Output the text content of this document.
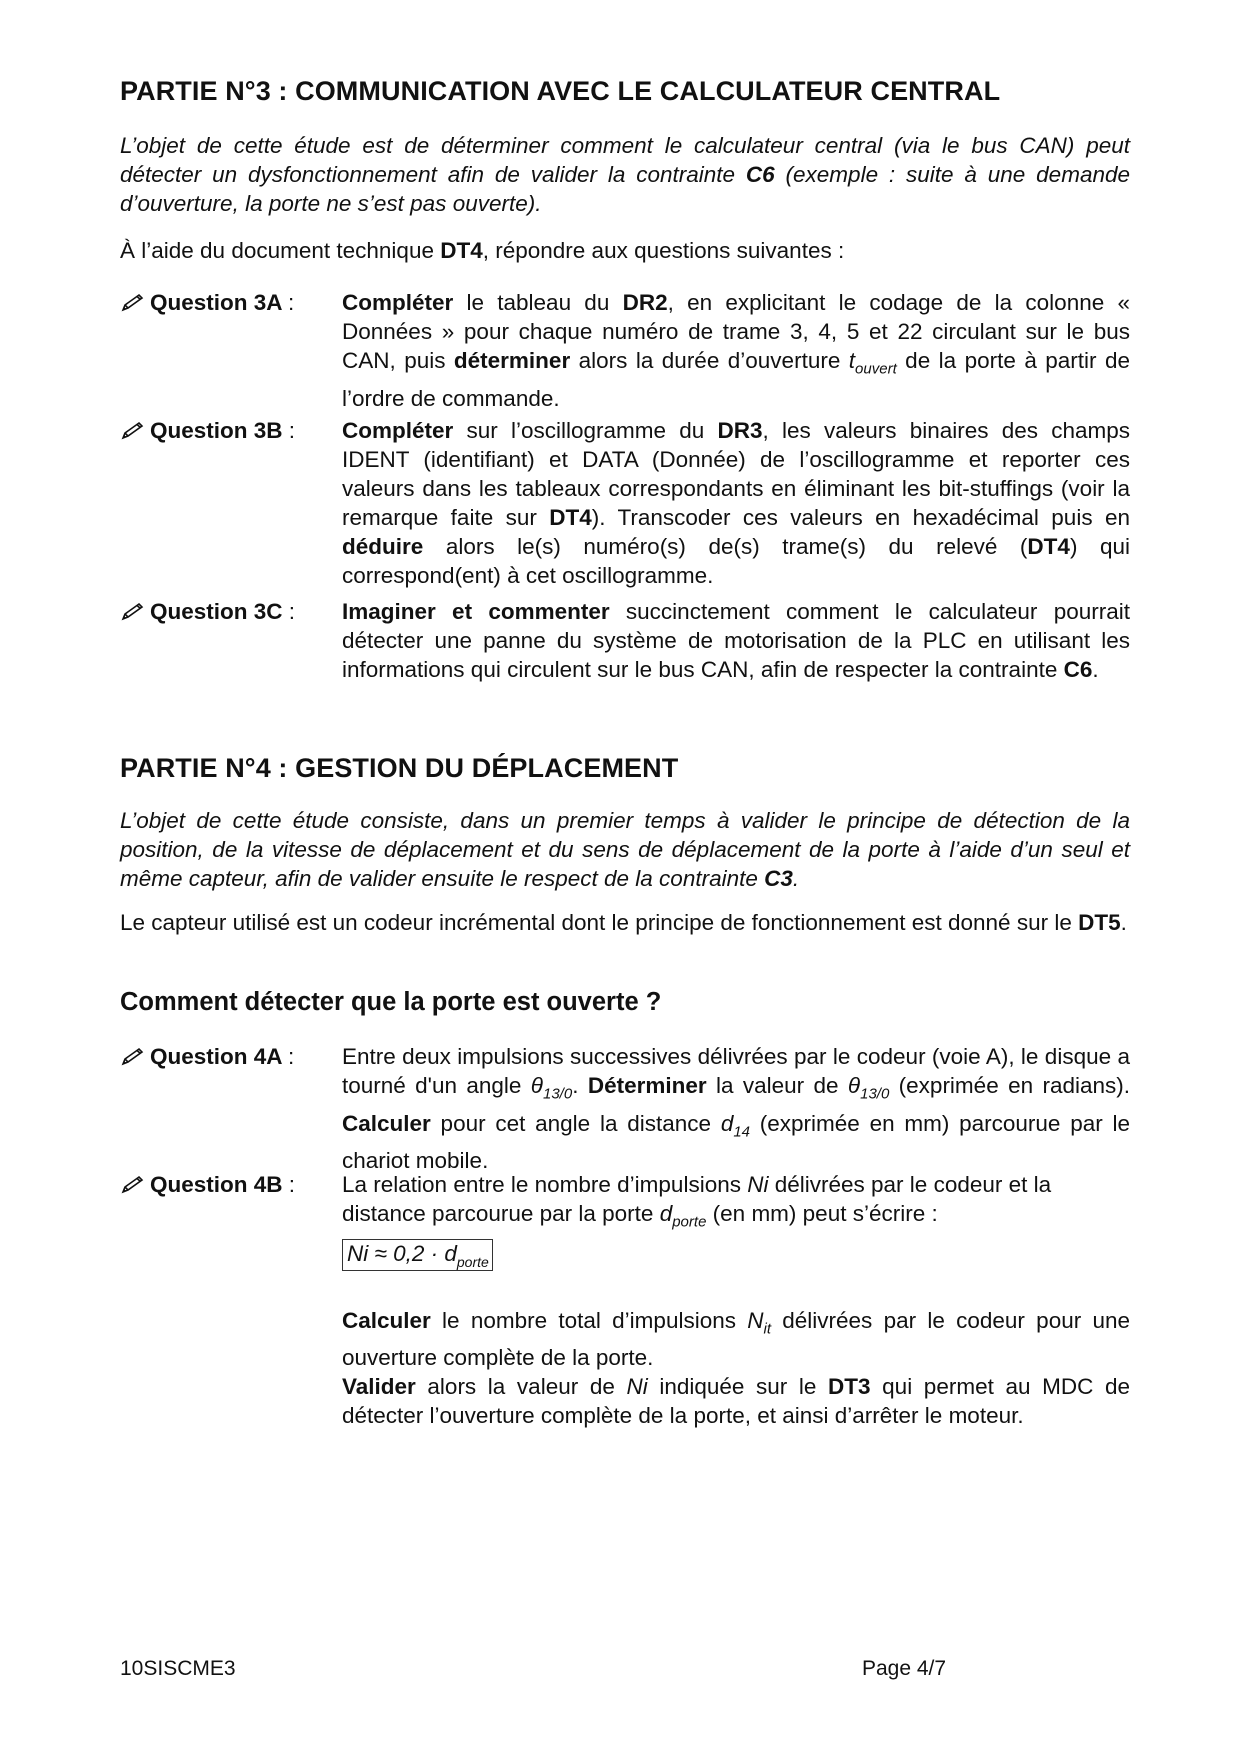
PARTIE N°3 : COMMUNICATION AVEC LE CALCULATEUR CENTRAL

L’objet de cette étude est de déterminer comment le calculateur central (via le bus CAN) peut détecter un dysfonctionnement afin de valider la contrainte C6 (exemple : suite à une demande d’ouverture, la porte ne s’est pas ouverte).

À l’aide du document technique DT4, répondre aux questions suivantes :

Question 3A : Compléter le tableau du DR2, en explicitant le codage de la colonne « Données » pour chaque numéro de trame 3, 4, 5 et 22 circulant sur le bus CAN, puis déterminer alors la durée d’ouverture $t_{ouvert}$ de la porte à partir de l’ordre de commande.

Question 3B : Compléter sur l’oscillogramme du DR3, les valeurs binaires des champs IDENT (identifiant) et DATA (Donnée) de l’oscillogramme et reporter ces valeurs dans les tableaux correspondants en éliminant les bit-stuffings (voir la remarque faite sur DT4). Transcoder ces valeurs en hexadécimal puis en déduire alors le(s) numéro(s) de(s) trame(s) du relevé (DT4) qui correspond(ent) à cet oscillogramme.

Question 3C : Imaginer et commenter succinctement comment le calculateur pourrait détecter une panne du système de motorisation de la PLC en utilisant les informations qui circulent sur le bus CAN, afin de respecter la contrainte C6.

PARTIE N°4 : GESTION DU DÉPLACEMENT

L’objet de cette étude consiste, dans un premier temps à valider le principe de détection de la position, de la vitesse de déplacement et du sens de déplacement de la porte à l’aide d’un seul et même capteur, afin de valider ensuite le respect de la contrainte C3.

Le capteur utilisé est un codeur incrémental dont le principe de fonctionnement est donné sur le DT5.

Comment détecter que la porte est ouverte ?
Question 4A : Entre deux impulsions successives délivrées par le codeur (voie A), le disque a tourné d'un angle $\theta_{13/0}$. Déterminer la valeur de $\theta_{13/0}$ (exprimée en radians). Calculer pour cet angle la distance $d_{14}$ (exprimée en mm) parcourue par le chariot mobile.

Question 4B : La relation entre le nombre d’impulsions Ni délivrées par le codeur et la distance parcourue par la porte $d_{porte}$ (en mm) peut s’écrire :

$Ni \approx 0,2 \cdot d_{porte}$

Calculer le nombre total d’impulsions $N_{it}$ délivrées par le codeur pour une ouverture complète de la porte.

Valider alors la valeur de Ni indiquée sur le DT3 qui permet au MDC de détecter l’ouverture complète de la porte, et ainsi d’arrêter le moteur.

10SISCME3	Page 4/7
